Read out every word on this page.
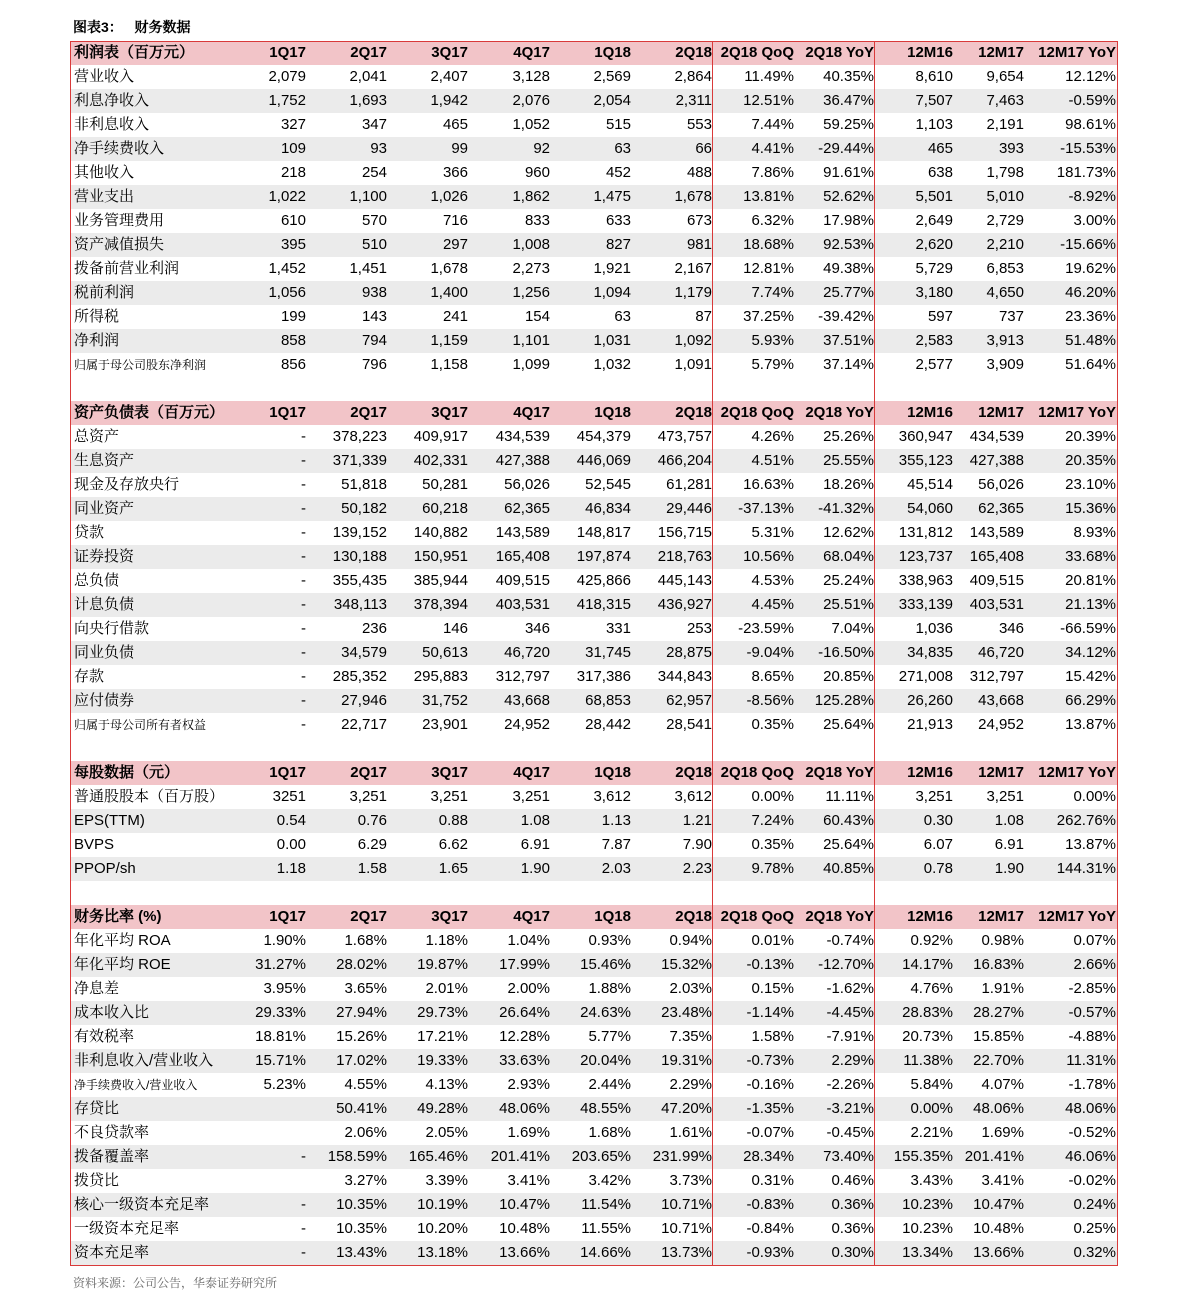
图表3：   财务数据
利润表（百万元）	1Q17	2Q17	3Q17	4Q17	1Q18	2Q18	2Q18 QoQ	2Q18 YoY	12M16	12M17	12M17 YoY
营业收入	2,079	2,041	2,407	3,128	2,569	2,864	11.49%	40.35%	8,610	9,654	12.12%
利息净收入	1,752	1,693	1,942	2,076	2,054	2,311	12.51%	36.47%	7,507	7,463	-0.59%
非利息收入	327	347	465	1,052	515	553	7.44%	59.25%	1,103	2,191	98.61%
净手续费收入	109	93	99	92	63	66	4.41%	-29.44%	465	393	-15.53%
其他收入	218	254	366	960	452	488	7.86%	91.61%	638	1,798	181.73%
营业支出	1,022	1,100	1,026	1,862	1,475	1,678	13.81%	52.62%	5,501	5,010	-8.92%
业务管理费用	610	570	716	833	633	673	6.32%	17.98%	2,649	2,729	3.00%
资产减值损失	395	510	297	1,008	827	981	18.68%	92.53%	2,620	2,210	-15.66%
拨备前营业利润	1,452	1,451	1,678	2,273	1,921	2,167	12.81%	49.38%	5,729	6,853	19.62%
税前利润	1,056	938	1,400	1,256	1,094	1,179	7.74%	25.77%	3,180	4,650	46.20%
所得税	199	143	241	154	63	87	37.25%	-39.42%	597	737	23.36%
净利润	858	794	1,159	1,101	1,031	1,092	5.93%	37.51%	2,583	3,913	51.48%
归属于母公司股东净利润	856	796	1,158	1,099	1,032	1,091	5.79%	37.14%	2,577	3,909	51.64%

资产负债表（百万元）	1Q17	2Q17	3Q17	4Q17	1Q18	2Q18	2Q18 QoQ	2Q18 YoY	12M16	12M17	12M17 YoY
总资产	-	378,223	409,917	434,539	454,379	473,757	4.26%	25.26%	360,947	434,539	20.39%
生息资产	-	371,339	402,331	427,388	446,069	466,204	4.51%	25.55%	355,123	427,388	20.35%
现金及存放央行	-	51,818	50,281	56,026	52,545	61,281	16.63%	18.26%	45,514	56,026	23.10%
同业资产	-	50,182	60,218	62,365	46,834	29,446	-37.13%	-41.32%	54,060	62,365	15.36%
贷款	-	139,152	140,882	143,589	148,817	156,715	5.31%	12.62%	131,812	143,589	8.93%
证券投资	-	130,188	150,951	165,408	197,874	218,763	10.56%	68.04%	123,737	165,408	33.68%
总负债	-	355,435	385,944	409,515	425,866	445,143	4.53%	25.24%	338,963	409,515	20.81%
计息负债	-	348,113	378,394	403,531	418,315	436,927	4.45%	25.51%	333,139	403,531	21.13%
向央行借款	-	236	146	346	331	253	-23.59%	7.04%	1,036	346	-66.59%
同业负债	-	34,579	50,613	46,720	31,745	28,875	-9.04%	-16.50%	34,835	46,720	34.12%
存款	-	285,352	295,883	312,797	317,386	344,843	8.65%	20.85%	271,008	312,797	15.42%
应付债券	-	27,946	31,752	43,668	68,853	62,957	-8.56%	125.28%	26,260	43,668	66.29%
归属于母公司所有者权益	-	22,717	23,901	24,952	28,442	28,541	0.35%	25.64%	21,913	24,952	13.87%

每股数据（元）	1Q17	2Q17	3Q17	4Q17	1Q18	2Q18	2Q18 QoQ	2Q18 YoY	12M16	12M17	12M17 YoY
普通股股本（百万股）	3251	3,251	3,251	3,251	3,612	3,612	0.00%	11.11%	3,251	3,251	0.00%
EPS(TTM)	0.54	0.76	0.88	1.08	1.13	1.21	7.24%	60.43%	0.30	1.08	262.76%
BVPS	0.00	6.29	6.62	6.91	7.87	7.90	0.35%	25.64%	6.07	6.91	13.87%
PPOP/sh	1.18	1.58	1.65	1.90	2.03	2.23	9.78%	40.85%	0.78	1.90	144.31%

财务比率 (%)	1Q17	2Q17	3Q17	4Q17	1Q18	2Q18	2Q18 QoQ	2Q18 YoY	12M16	12M17	12M17 YoY
年化平均 ROA	1.90%	1.68%	1.18%	1.04%	0.93%	0.94%	0.01%	-0.74%	0.92%	0.98%	0.07%
年化平均 ROE	31.27%	28.02%	19.87%	17.99%	15.46%	15.32%	-0.13%	-12.70%	14.17%	16.83%	2.66%
净息差	3.95%	3.65%	2.01%	2.00%	1.88%	2.03%	0.15%	-1.62%	4.76%	1.91%	-2.85%
成本收入比	29.33%	27.94%	29.73%	26.64%	24.63%	23.48%	-1.14%	-4.45%	28.83%	28.27%	-0.57%
有效税率	18.81%	15.26%	17.21%	12.28%	5.77%	7.35%	1.58%	-7.91%	20.73%	15.85%	-4.88%
非利息收入/营业收入	15.71%	17.02%	19.33%	33.63%	20.04%	19.31%	-0.73%	2.29%	11.38%	22.70%	11.31%
净手续费收入/营业收入	5.23%	4.55%	4.13%	2.93%	2.44%	2.29%	-0.16%	-2.26%	5.84%	4.07%	-1.78%
存贷比		50.41%	49.28%	48.06%	48.55%	47.20%	-1.35%	-3.21%	0.00%	48.06%	48.06%
不良贷款率		2.06%	2.05%	1.69%	1.68%	1.61%	-0.07%	-0.45%	2.21%	1.69%	-0.52%
拨备覆盖率	-	158.59%	165.46%	201.41%	203.65%	231.99%	28.34%	73.40%	155.35%	201.41%	46.06%
拨贷比		3.27%	3.39%	3.41%	3.42%	3.73%	0.31%	0.46%	3.43%	3.41%	-0.02%
核心一级资本充足率	-	10.35%	10.19%	10.47%	11.54%	10.71%	-0.83%	0.36%	10.23%	10.47%	0.24%
一级资本充足率	-	10.35%	10.20%	10.48%	11.55%	10.71%	-0.84%	0.36%	10.23%	10.48%	0.25%
资本充足率	-	13.43%	13.18%	13.66%	14.66%	13.73%	-0.93%	0.30%	13.34%	13.66%	0.32%
资料来源：公司公告，华泰证券研究所
